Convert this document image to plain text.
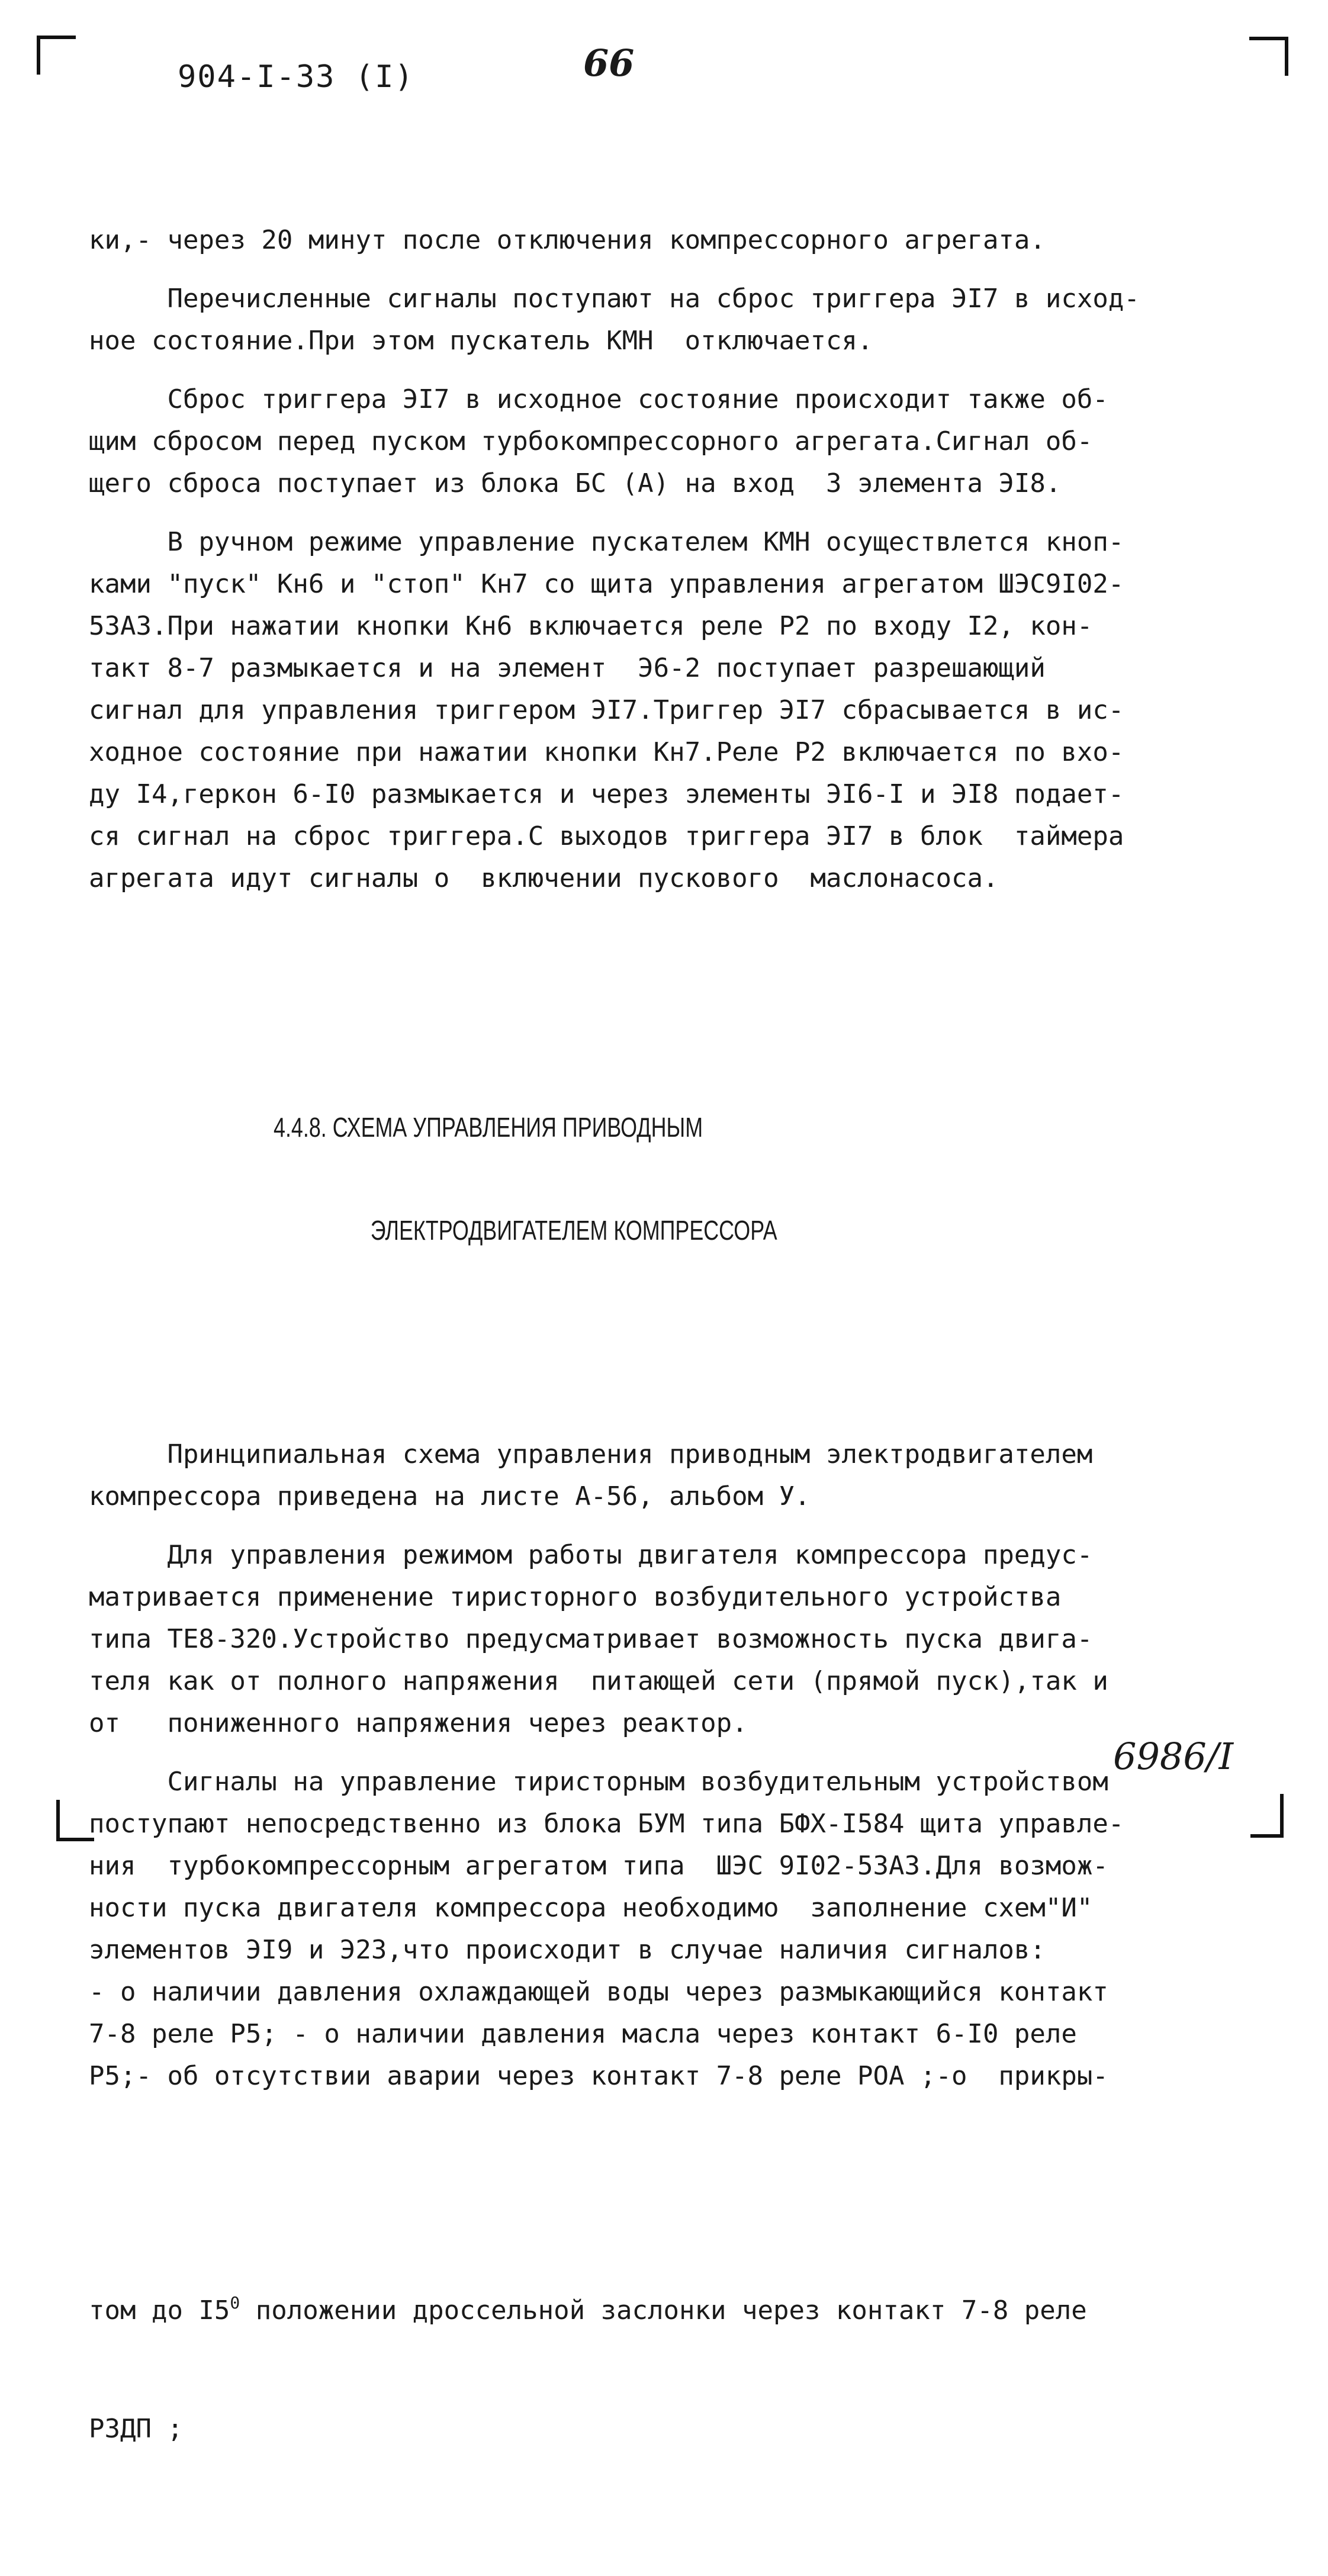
904-I-33 (I)	66

ки,- через 20 минут после отключения компрессорного агрегата.

Перечисленные сигналы поступают на сброс триггера ЭI7 в исход-
ное состояние.При этом пускатель КМН  отключается.

Сброс триггера ЭI7 в исходное состояние происходит также об-
щим сбросом перед пуском турбокомпрессорного агрегата.Сигнал об-
щего сброса поступает из блока БС (А) на вход  3 элемента ЭI8.

В ручном режиме управление пускателем КМН осуществлется кноп-
ками "пуск" Кн6 и "стоп" Кн7 со щита управления агрегатом ШЭС9I02-
53А3.При нажатии кнопки Кн6 включается реле Р2 по входу I2, кон-
такт 8-7 размыкается и на элемент  Э6-2 поступает разрешающий
сигнал для управления триггером ЭI7.Триггер ЭI7 сбрасывается в ис-
ходное состояние при нажатии кнопки Кн7.Реле Р2 включается по вхо-
ду I4,геркон 6-I0 размыкается и через элементы ЭI6-I и ЭI8 подает-
ся сигнал на сброс триггера.С выходов триггера ЭI7 в блок  таймера
агрегата идут сигналы о  включении пускового  маслонасоса.

4.4.8. СХЕМА УПРАВЛЕНИЯ ПРИВОДНЫМ

ЭЛЕКТРОДВИГАТЕЛЕМ КОМПРЕССОРА

Принципиальная схема управления приводным электродвигателем
компрессора приведена на листе А-56, альбом У.

Для управления режимом работы двигателя компрессора предус-
матривается применение тиристорного возбудительного устройства
типа ТЕ8-320.Устройство предусматривает возможность пуска двига-
теля как от полного напряжения  питающей сети (прямой пуск),так и
от   пониженного напряжения через реактор.

Сигналы на управление тиристорным возбудительным устройством
поступают непосредственно из блока БУМ типа БФХ-I584 щита управле-
ния  турбокомпрессорным агрегатом типа  ШЭС 9I02-53А3.Для возмож-
ности пуска двигателя компрессора необходимо  заполнение схем"И"
элементов ЭI9 и Э23,что происходит в случае наличия сигналов:
- о наличии давления охлаждающей воды через размыкающийся контакт
7-8 реле Р5; - о наличии давления масла через контакт 6-I0 реле
Р5;- об отсутствии аварии через контакт 7-8 реле РОА ;-о  прикры-

том до $I5^0$ положении дроссельной заслонки через контакт 7-8 реле

РЗДП ;

6986/I
